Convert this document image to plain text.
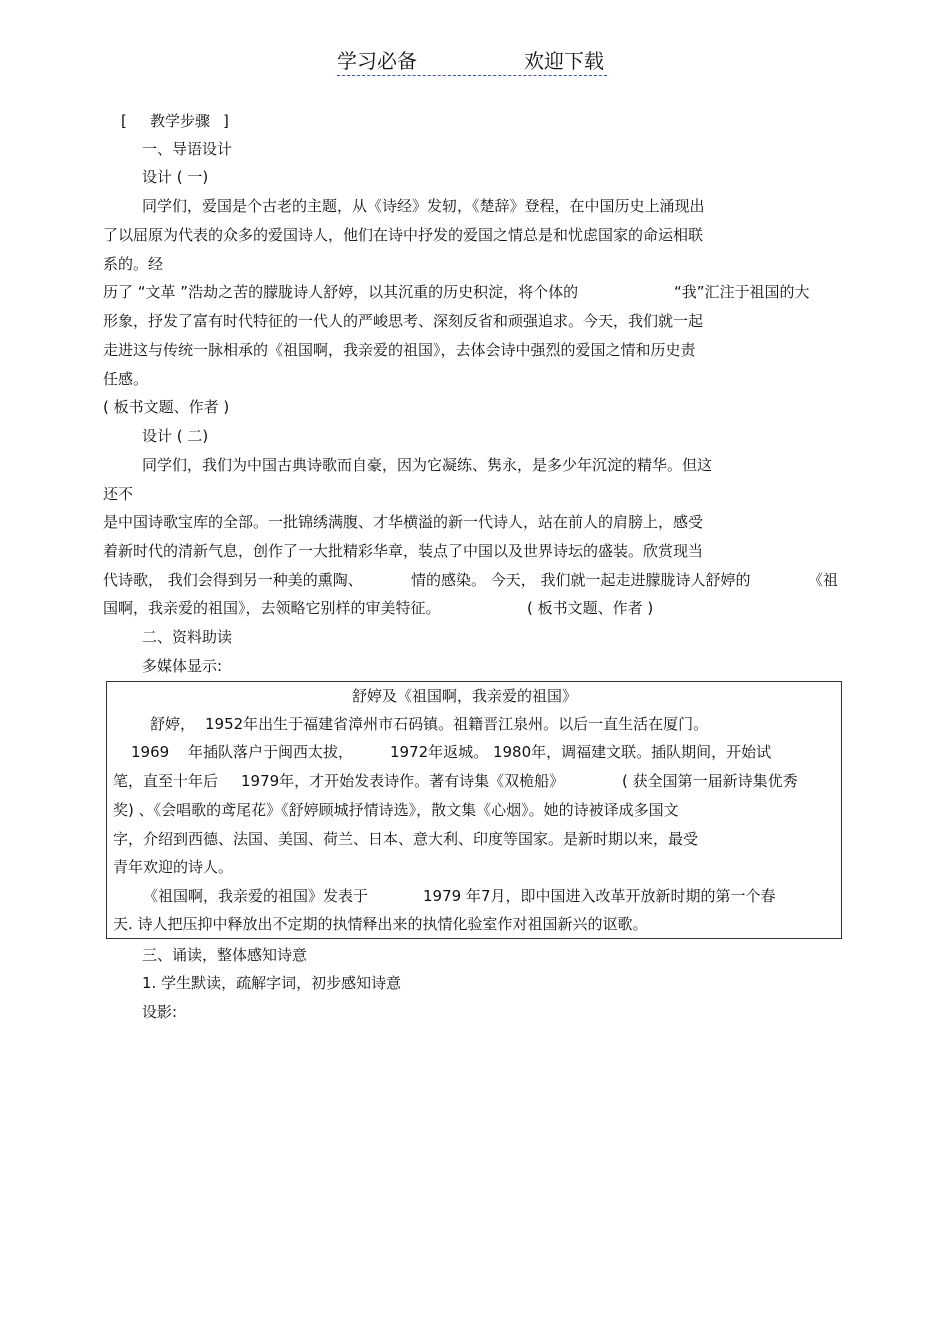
学习必备	欢迎下载
[ 教学步骤 ]
一、导语设计
设计 ( 一)
同学们，爱国是个古老的主题，从《诗经》发轫，《楚辞》登程，在中国历史上涌现出
了以屈原为代表的众多的爱国诗人，他们在诗中抒发的爱国之情总是和忧虑国家的命运相联
系的。经
历了 “文革 ”浩劫之苦的朦胧诗人舒婷，以其沉重的历史积淀，将个体的	“我”汇注于祖国的大
形象，抒发了富有时代特征的一代人的严峻思考、深刻反省和顽强追求。今天，我们就一起
走进这与传统一脉相承的《祖国啊，我亲爱的祖国》，去体会诗中强烈的爱国之情和历史责
任感。
( 板书文题、作者 )
设计 ( 二)
同学们，我们为中国古典诗歌而自豪，因为它凝练、隽永，是多少年沉淀的精华。但这
还不
是中国诗歌宝库的全部。一批锦绣满腹、才华横溢的新一代诗人，站在前人的肩膀上，感受
着新时代的清新气息，创作了一大批精彩华章，装点了中国以及世界诗坛的盛装。欣赏现当
代诗歌， 我们会得到另一种美的熏陶、	情的感染。 今天， 我们就一起走进朦胧诗人舒婷的	《祖
国啊，我亲爱的祖国》，去领略它别样的审美特征。	( 板书文题、作者 )
二、资料助读
多媒体显示:
舒婷及《祖国啊，我亲爱的祖国》
舒婷， 1952年出生于福建省漳州市石码镇。祖籍晋江泉州。以后一直生活在厦门。
1969 年插队落户于闽西太拔， 1972年返城。 1980年，调福建文联。插队期间，开始试
笔，直至十年后 1979年，才开始发表诗作。著有诗集《双桅船》	( 获全国第一届新诗集优秀
奖) 、《会唱歌的鸢尾花》《舒婷顾城抒情诗选》，散文集《心烟》。她的诗被译成多国文
字，介绍到西德、法国、美国、荷兰、日本、意大利、印度等国家。是新时期以来，最受
青年欢迎的诗人。
《祖国啊，我亲爱的祖国》发表于	1979 年7月，即中国进入改革开放新时期的第一个春
天. 诗人把压抑中释放出不定期的执情释出来的执情化验室作对祖国新兴的讴歌。
三、诵读，整体感知诗意
1. 学生默读，疏解字词，初步感知诗意
设影:
